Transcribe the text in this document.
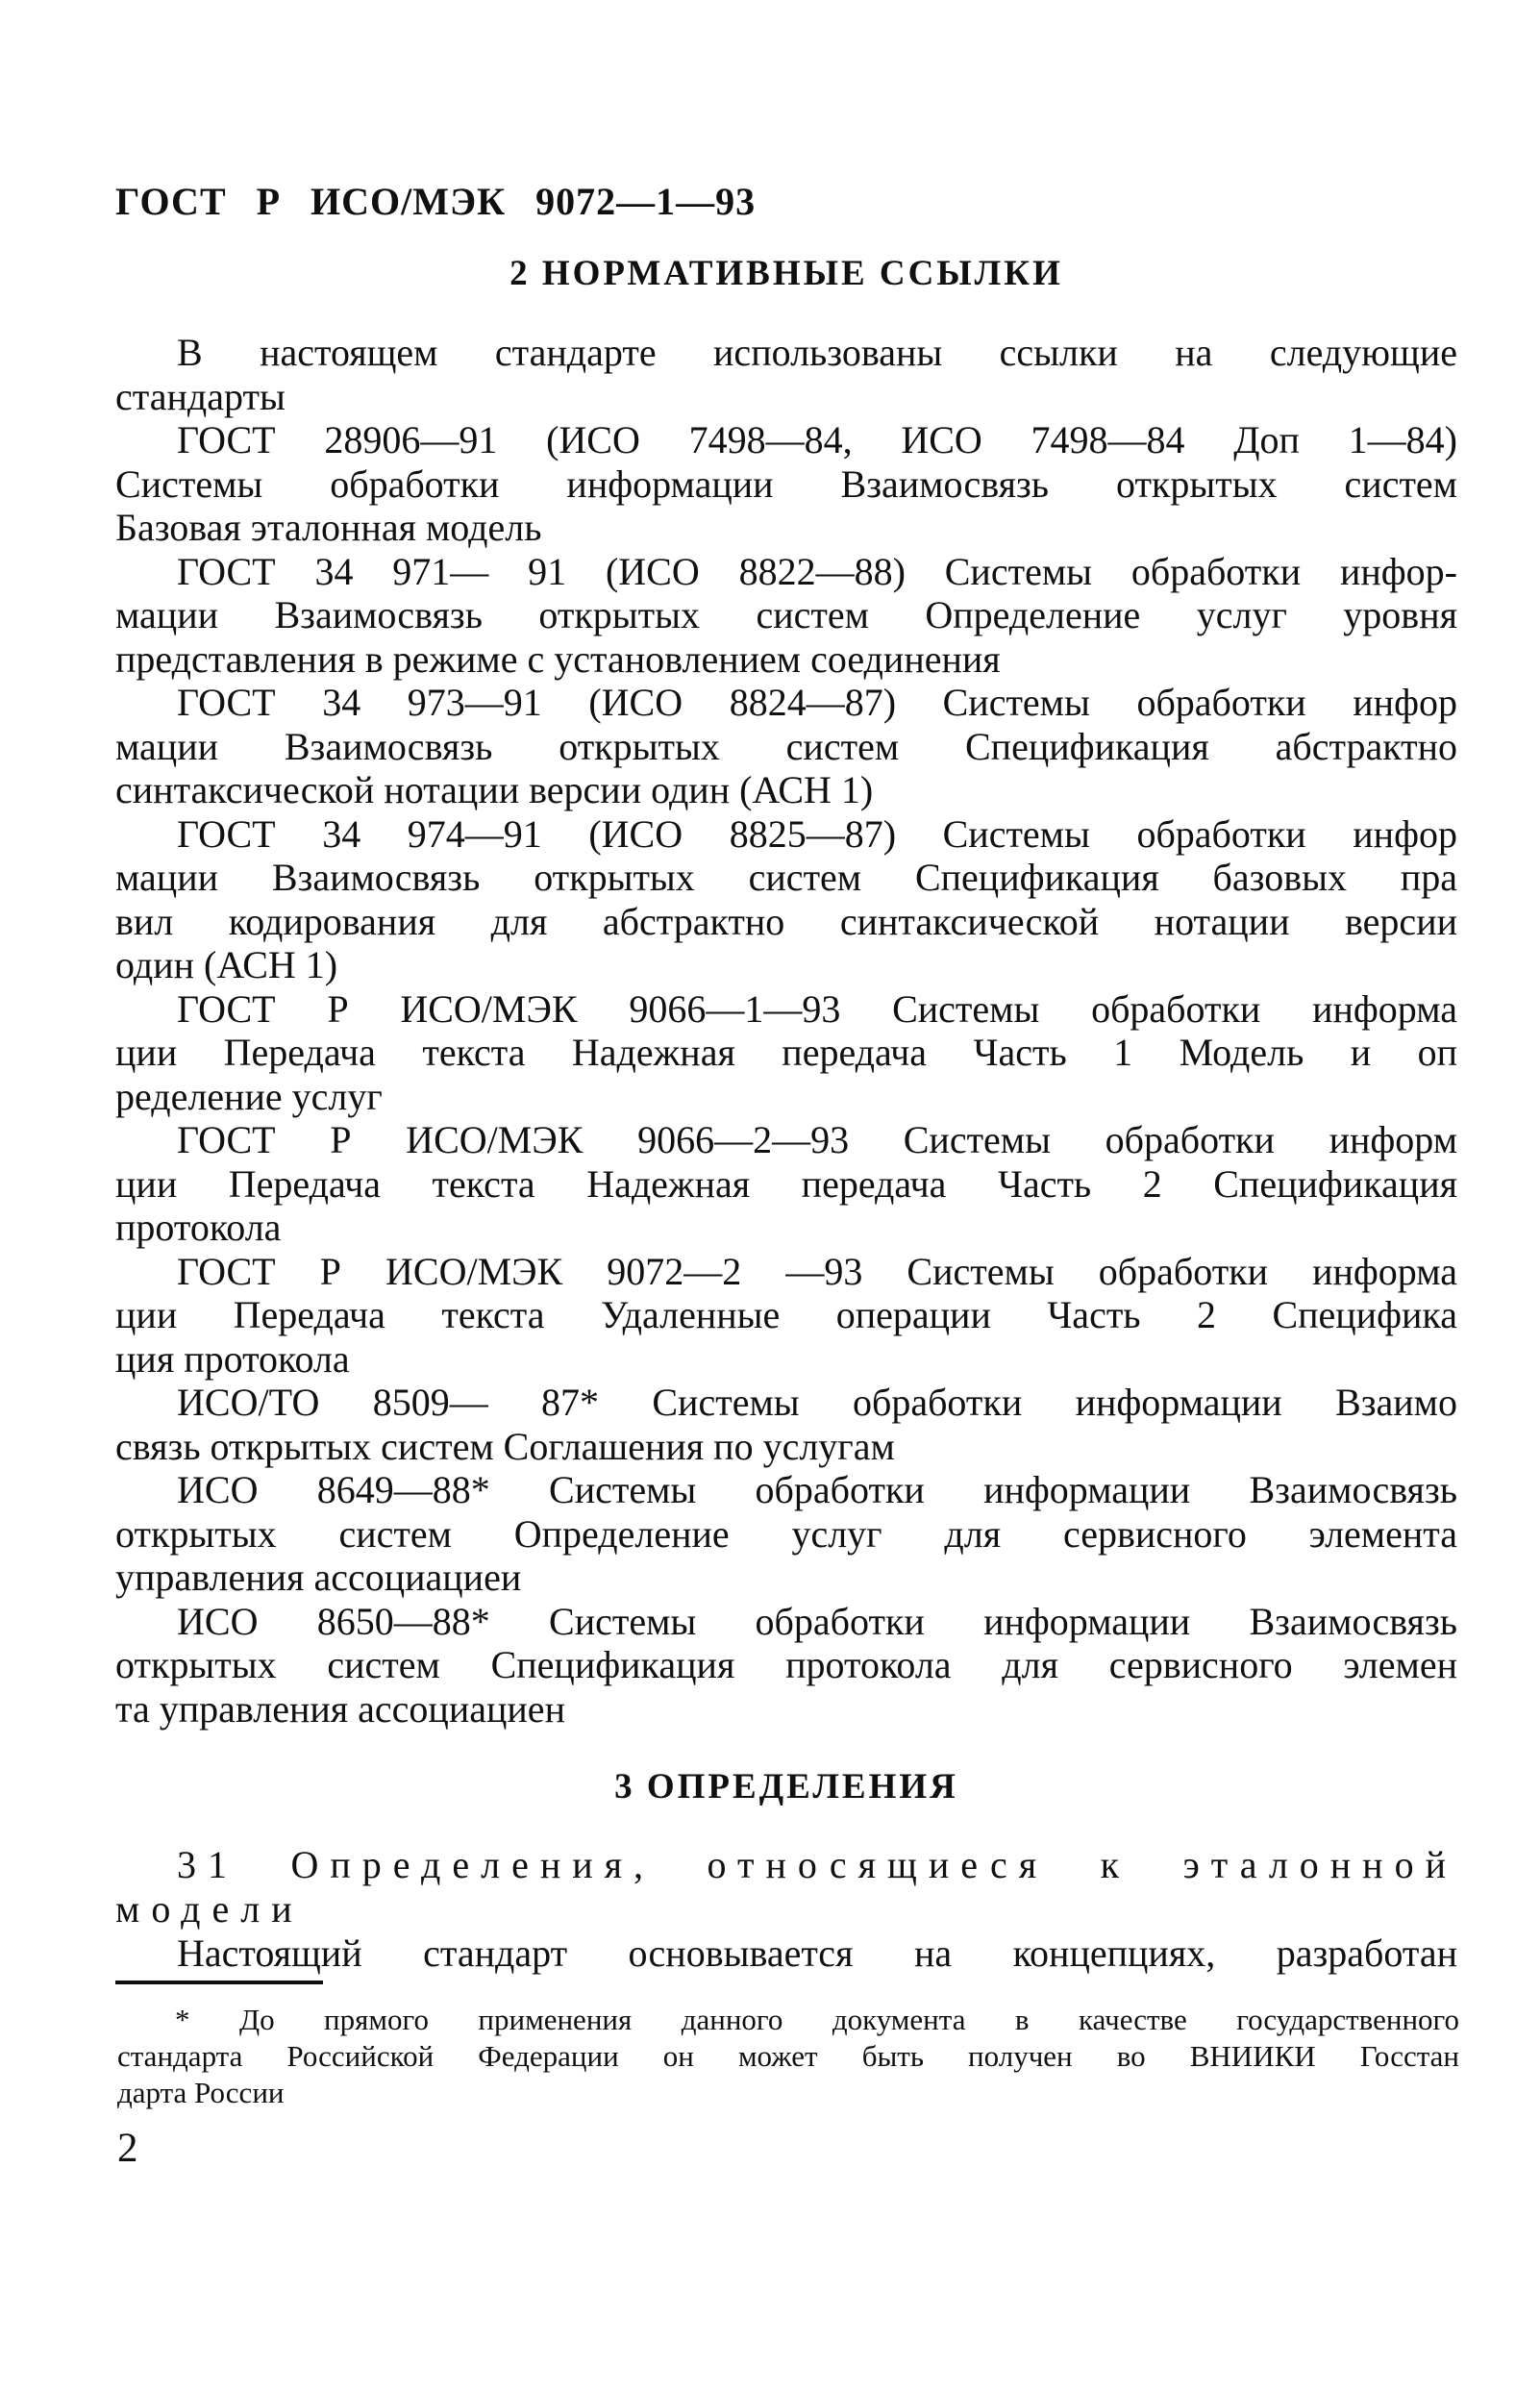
ГОСТ Р ИСО/МЭК 9072—1—93
2 НОРМАТИВНЫЕ ССЫЛКИ
В настоящем стандарте использованы ссылки на следующие
стандарты
ГОСТ 28906—91 (ИСО 7498—84, ИСО 7498—84 Доп 1—84)
Системы обработки информации Взаимосвязь открытых систем
Базовая эталонная модель
ГОСТ 34 971— 91 (ИСО 8822—88) Системы обработки инфор-
мации Взаимосвязь открытых систем Определение услуг уровня
представления в режиме с установлением соединения
ГОСТ 34 973—91 (ИСО 8824—87) Системы обработки инфор
мации Взаимосвязь открытых систем Спецификация абстрактно
синтаксической нотации версии один (АСН 1)
ГОСТ 34 974—91 (ИСО 8825—87) Системы обработки инфор
мации Взаимосвязь открытых систем Спецификация базовых пра
вил кодирования для абстрактно синтаксической нотации версии
один (АСН 1)
ГОСТ Р ИСО/МЭК 9066—1—93 Системы обработки информа
ции Передача текста Надежная передача Часть 1 Модель и оп
ределение услуг
ГОСТ Р ИСО/МЭК 9066—2—93 Системы обработки информ
ции Передача текста Надежная передача Часть 2 Спецификация
протокола
ГОСТ Р ИСО/МЭК 9072—2 —93 Системы обработки информа
ции Передача текста Удаленные операции Часть 2 Специфика
ция протокола
ИСО/ТО 8509— 87* Системы обработки информации Взаимо
связь открытых систем Соглашения по услугам
ИСО 8649—88* Системы обработки информации Взаимосвязь
открытых систем Определение услуг для сервисного элемента
управления ассоциациеи
ИСО 8650—88* Системы обработки информации Взаимосвязь
открытых систем Спецификация протокола для сервисного элемен
та управления ассоциациен
3 ОПРЕДЕЛЕНИЯ
31 Определения, относящиеся к эталонной
модели
Настоящий стандарт основывается на концепциях, разработан
* До прямого применения данного документа в качестве государственного
стандарта Российской Федерации он может быть получен во ВНИИКИ Госстан
дарта России
2
